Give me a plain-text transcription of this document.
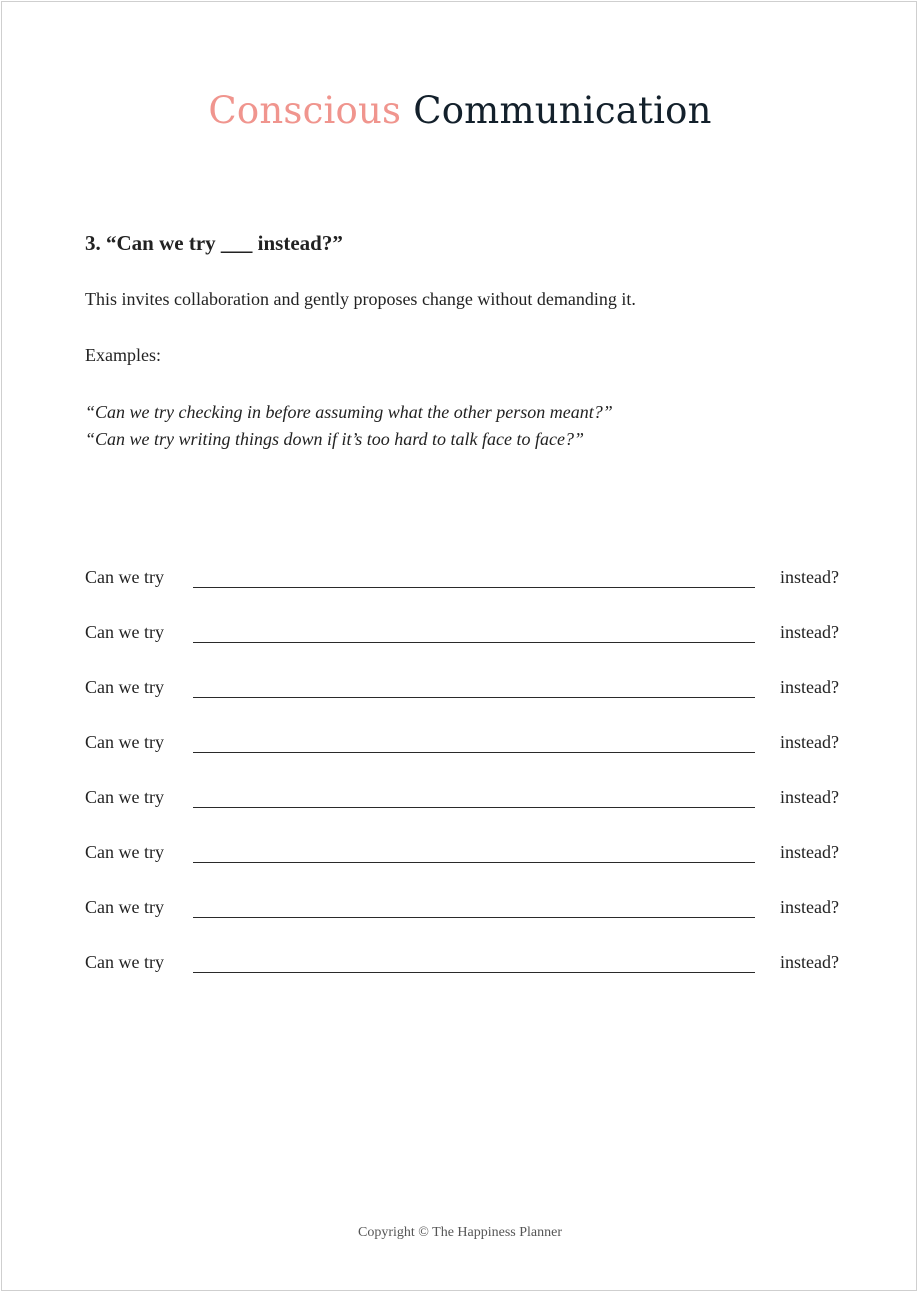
Conscious Communication
3. “Can we try ___ instead?”
This invites collaboration and gently proposes change without demanding it.
Examples:
“Can we try checking in before assuming what the other person meant?”
“Can we try writing things down if it’s too hard to talk face to face?”
Can we try	instead?
Can we try	instead?
Can we try	instead?
Can we try	instead?
Can we try	instead?
Can we try	instead?
Can we try	instead?
Can we try	instead?
Copyright © The Happiness Planner
